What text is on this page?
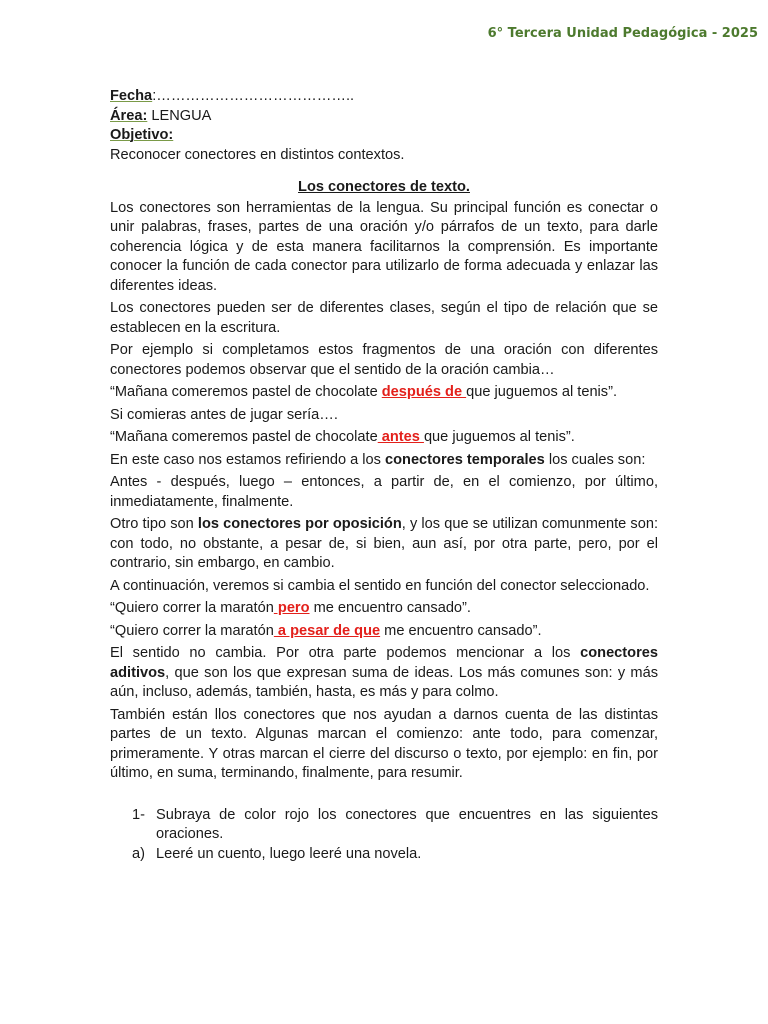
6° Tercera Unidad Pedagógica - 2025

Fecha:…………………………………..

Área: LENGUA

Objetivo:

Reconocer conectores en distintos contextos.

Los conectores de texto.

Los conectores son herramientas de la lengua. Su principal función es conectar o unir palabras, frases, partes de una oración y/o párrafos de un texto, para darle coherencia lógica y de esta manera facilitarnos la comprensión. Es importante conocer la función de cada conector para utilizarlo de forma adecuada y enlazar las diferentes ideas.

Los conectores pueden ser de diferentes clases, según el tipo de relación que se establecen en la escritura.

Por ejemplo si completamos estos fragmentos de una oración con diferentes conectores podemos observar que el sentido de la oración cambia…

“Mañana comeremos pastel de chocolate después de que juguemos al tenis”.

Si comieras antes de jugar sería….

“Mañana comeremos pastel de chocolate antes que juguemos al tenis”.

En este caso nos estamos refiriendo a los conectores temporales los cuales son:

Antes - después, luego – entonces, a partir de, en el comienzo, por último, inmediatamente, finalmente.

Otro tipo son los conectores por oposición, y los que se utilizan comunmente son: con todo, no obstante, a pesar de, si bien, aun así, por otra parte, pero, por el contrario, sin embargo, en cambio.

A continuación, veremos si cambia el sentido en función del conector seleccionado.

“Quiero correr la maratón pero me encuentro cansado”.

“Quiero correr la maratón a pesar de que me encuentro cansado”.

El sentido no cambia. Por otra parte podemos mencionar a los conectores aditivos, que son los que expresan suma de ideas. Los más comunes son: y más aún, incluso, además, también, hasta, es más y para colmo.

También están llos conectores que nos ayudan a darnos cuenta de las distintas partes de un texto. Algunas marcan el comienzo: ante todo, para comenzar, primeramente. Y otras marcan el cierre del discurso o texto, por ejemplo: en fin, por último, en suma, terminando, finalmente, para resumir.

1- Subraya de color rojo los conectores que encuentres en las siguientes oraciones.
a) Leeré un cuento, luego leeré una novela.
